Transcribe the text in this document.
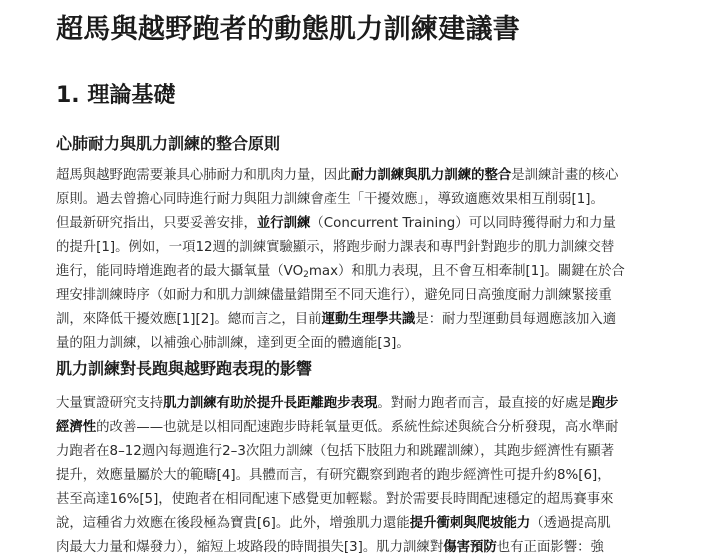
超馬與越野跑者的動態肌力訓練建議書
1. 理論基礎
心肺耐力與肌力訓練的整合原則
超馬與越野跑需要兼具心肺耐力和肌肉力量，因此耐力訓練與肌力訓練的整合是訓練計畫的核心
原則。過去曾擔心同時進行耐力與阻力訓練會產生「干擾效應」，導致適應效果相互削弱[1]。
但最新研究指出，只要妥善安排，並行訓練（Concurrent Training）可以同時獲得耐力和力量
的提升[1]。例如，一項12週的訓練實驗顯示，將跑步耐力課表和專門針對跑步的肌力訓練交替
進行，能同時增進跑者的最大攝氧量$(VO_2\max)$和肌力表現，且不會互相牽制[1]。關鍵在於合
理安排訓練時序（如耐力和肌力訓練儘量錯開至不同天進行），避免同日高強度耐力訓練緊接重
訓，來降低干擾效應[1][2]。總而言之，目前運動生理學共識是：耐力型運動員每週應該加入適
量的阻力訓練，以補強心肺訓練，達到更全面的體適能[3]。
肌力訓練對長跑與越野跑表現的影響
大量實證研究支持肌力訓練有助於提升長距離跑步表現。對耐力跑者而言，最直接的好處是跑步
經濟性的改善——也就是以相同配速跑步時耗氧量更低。系統性綜述與統合分析發現，高水準耐
力跑者在8–12週內每週進行2–3次阻力訓練（包括下肢阻力和跳躍訓練），其跑步經濟性有顯著
提升，效應量屬於大的範疇[4]。具體而言，有研究觀察到跑者的跑步經濟性可提升約8%[6]，
甚至高達16%[5]，使跑者在相同配速下感覺更加輕鬆。對於需要長時間配速穩定的超馬賽事來
說，這種省力效應在後段極為寶貴[6]。此外，增強肌力還能提升衝刺與爬坡能力（透過提高肌
肉最大力量和爆發力），縮短上坡路段的時間損失[3]。肌力訓練對傷害預防也有正面影響：強
